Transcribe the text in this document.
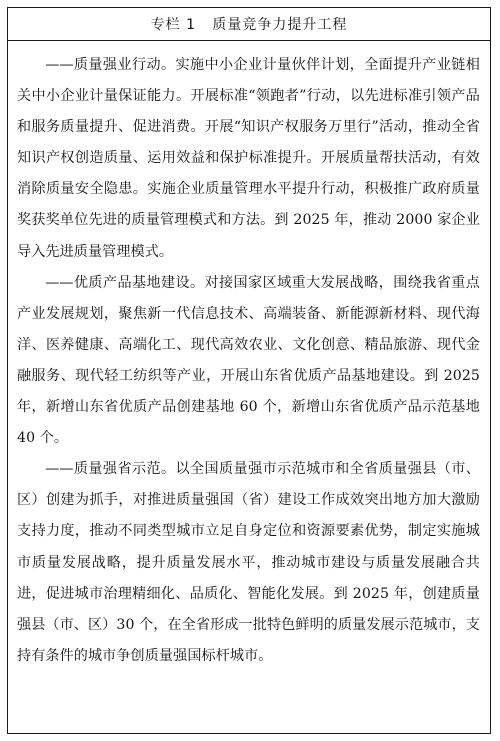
专栏 1
质量竞争力提升工程

——质量强业行动。实施中小企业计量伙伴计划，全面提升产业链相关中小企业计量保证能力。开展标准“领跑者”行动，以先进标准引领产品和服务质量提升、促进消费。开展“知识产权服务万里行”活动，推动全省知识产权创造质量、运用效益和保护标准提升。开展质量帮扶活动，有效消除质量安全隐患。实施企业质量管理水平提升行动，积极推广政府质量奖获奖单位先进的质量管理模式和方法。到 2025 年，推动 2000 家企业导入先进质量管理模式。

——优质产品基地建设。对接国家区域重大发展战略，围绕我省重点产业发展规划，聚焦新一代信息技术、高端装备、新能源新材料、现代海洋、医养健康、高端化工、现代高效农业、文化创意、精品旅游、现代金融服务、现代轻工纺织等产业，开展山东省优质产品基地建设。到 2025 年，新增山东省优质产品创建基地 60 个，新增山东省优质产品示范基地 40 个。

——质量强省示范。以全国质量强市示范城市和全省质量强县（市、区）创建为抓手，对推进质量强国（省）建设工作成效突出地方加大激励支持力度，推动不同类型城市立足自身定位和资源要素优势，制定实施城市质量发展战略，提升质量发展水平，推动城市建设与质量发展融合共进，促进城市治理精细化、品质化、智能化发展。到 2025 年，创建质量强县（市、区）30 个，在全省形成一批特色鲜明的质量发展示范城市，支持有条件的城市争创质量强国标杆城市。
